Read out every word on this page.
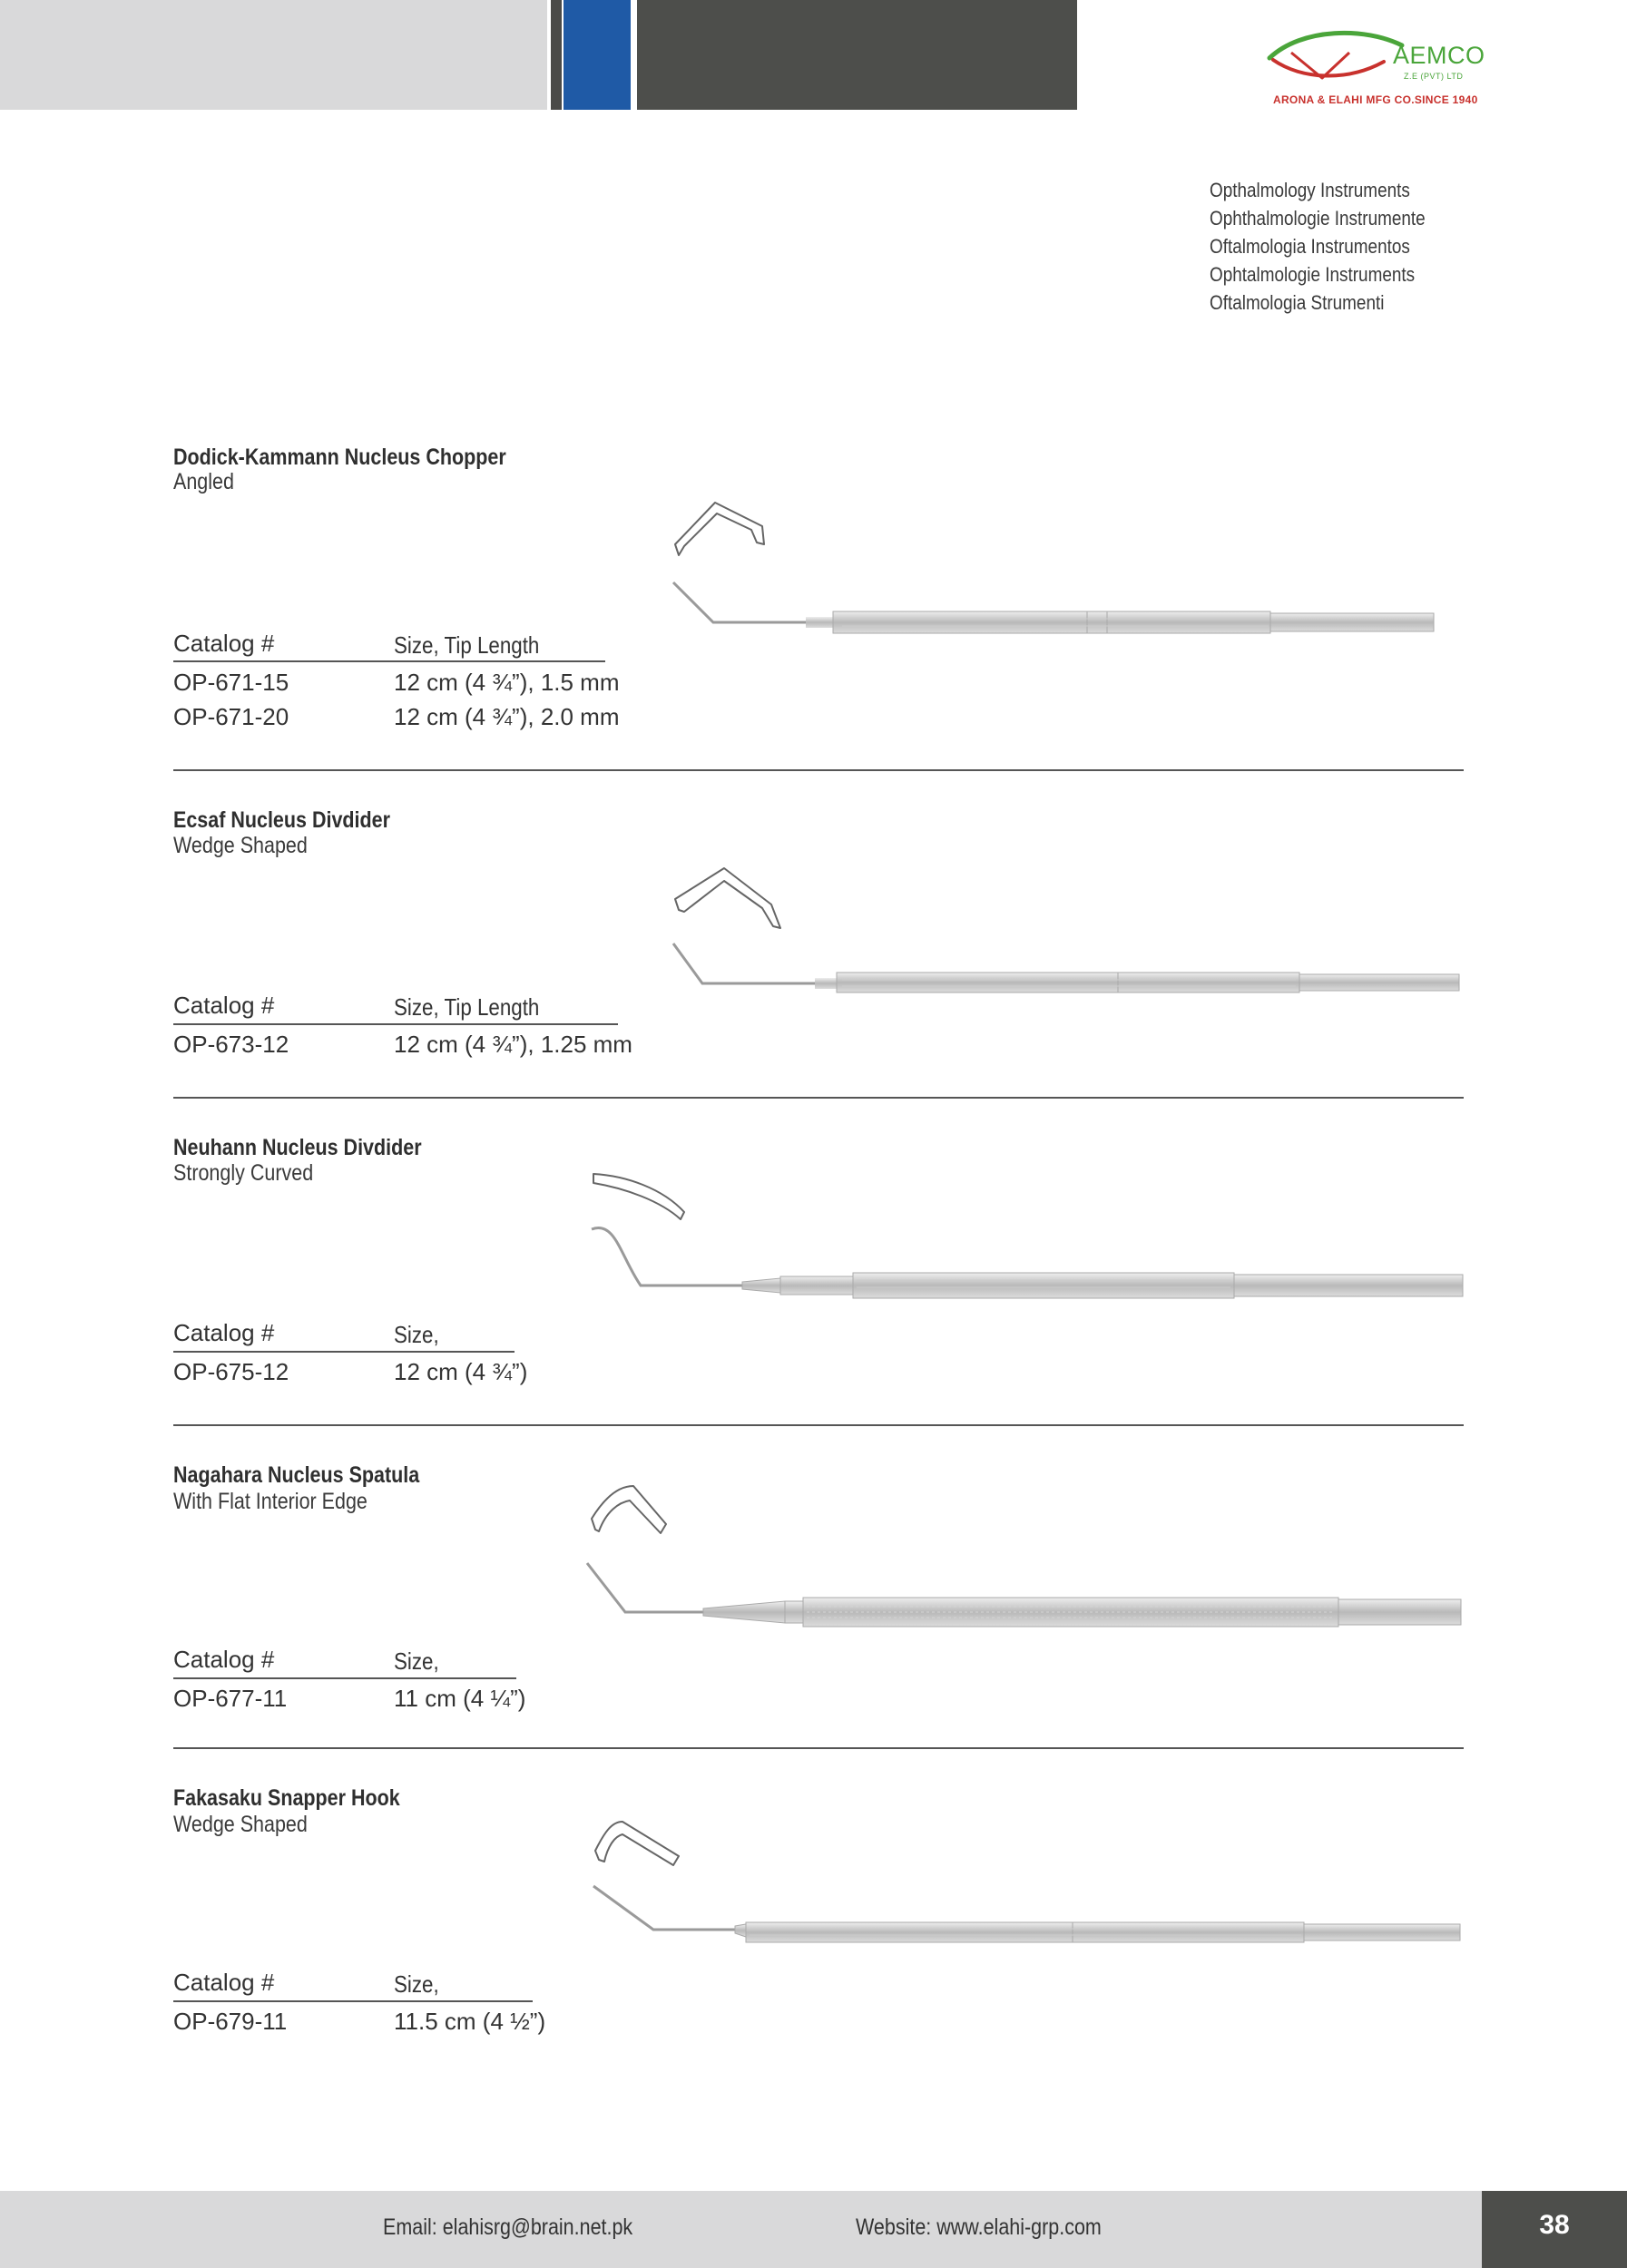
AEMCO
Z.E (PVT) LTD
ARONA & ELAHI MFG CO.SINCE 1940
Opthalmology Instruments
Ophthalmologie Instrumente
Oftalmologia Instrumentos
Ophtalmologie Instruments
Oftalmologia Strumenti
Dodick-Kammann Nucleus Chopper
Angled
Catalog #	Size, Tip Length
OP-671-15	12 cm (4 ¾”), 1.5 mm
OP-671-20	12 cm (4 ¾”), 2.0 mm
Ecsaf Nucleus Divdider
Wedge Shaped
Catalog #	Size, Tip Length
OP-673-12	12 cm (4 ¾”), 1.25 mm
Neuhann Nucleus Divdider
Strongly Curved
Catalog #	Size,
OP-675-12	12 cm (4 ¾”)
Nagahara Nucleus Spatula
With Flat Interior Edge
Catalog #	Size,
OP-677-11	11 cm (4 ¼”)
Fakasaku Snapper Hook
Wedge Shaped
Catalog #	Size,
OP-679-11	11.5 cm (4 ½”)
Email: elahisrg@brain.net.pk	Website: www.elahi-grp.com	38
